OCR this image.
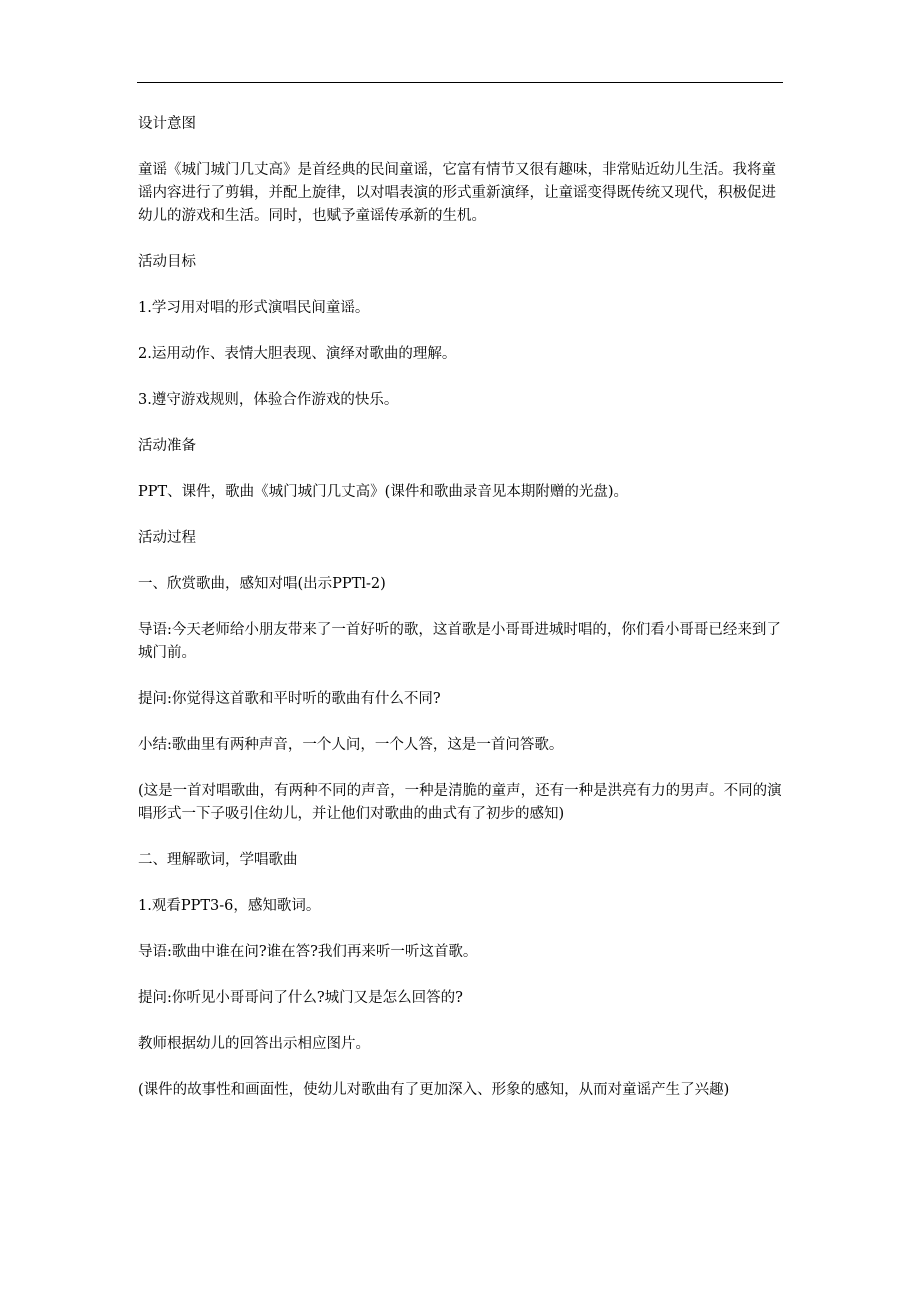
设计意图

童谣《城门城门几丈高》是首经典的民间童谣，它富有情节又很有趣味，非常贴近幼儿生活。我将童谣内容进行了剪辑，并配上旋律，以对唱表演的形式重新演绎，让童谣变得既传统又现代，积极促进幼儿的游戏和生活。同时，也赋予童谣传承新的生机。

活动目标

1.学习用对唱的形式演唱民间童谣。

2.运用动作、表情大胆表现、演绎对歌曲的理解。

3.遵守游戏规则，体验合作游戏的快乐。

活动准备

PPT、课件，歌曲《城门城门几丈高》(课件和歌曲录音见本期附赠的光盘)。

活动过程

一、欣赏歌曲，感知对唱(出示PPTl-2)

导语:今天老师给小朋友带来了一首好听的歌，这首歌是小哥哥进城时唱的，你们看小哥哥已经来到了城门前。

提问:你觉得这首歌和平时听的歌曲有什么不同?

小结:歌曲里有两种声音，一个人问，一个人答，这是一首问答歌。

(这是一首对唱歌曲，有两种不同的声音，一种是清脆的童声，还有一种是洪亮有力的男声。不同的演唱形式一下子吸引住幼儿，并让他们对歌曲的曲式有了初步的感知)

二、理解歌词，学唱歌曲

1.观看PPT3-6，感知歌词。

导语:歌曲中谁在问?谁在答?我们再来听一听这首歌。

提问:你听见小哥哥问了什么?城门又是怎么回答的?

教师根据幼儿的回答出示相应图片。

(课件的故事性和画面性，使幼儿对歌曲有了更加深入、形象的感知，从而对童谣产生了兴趣)
